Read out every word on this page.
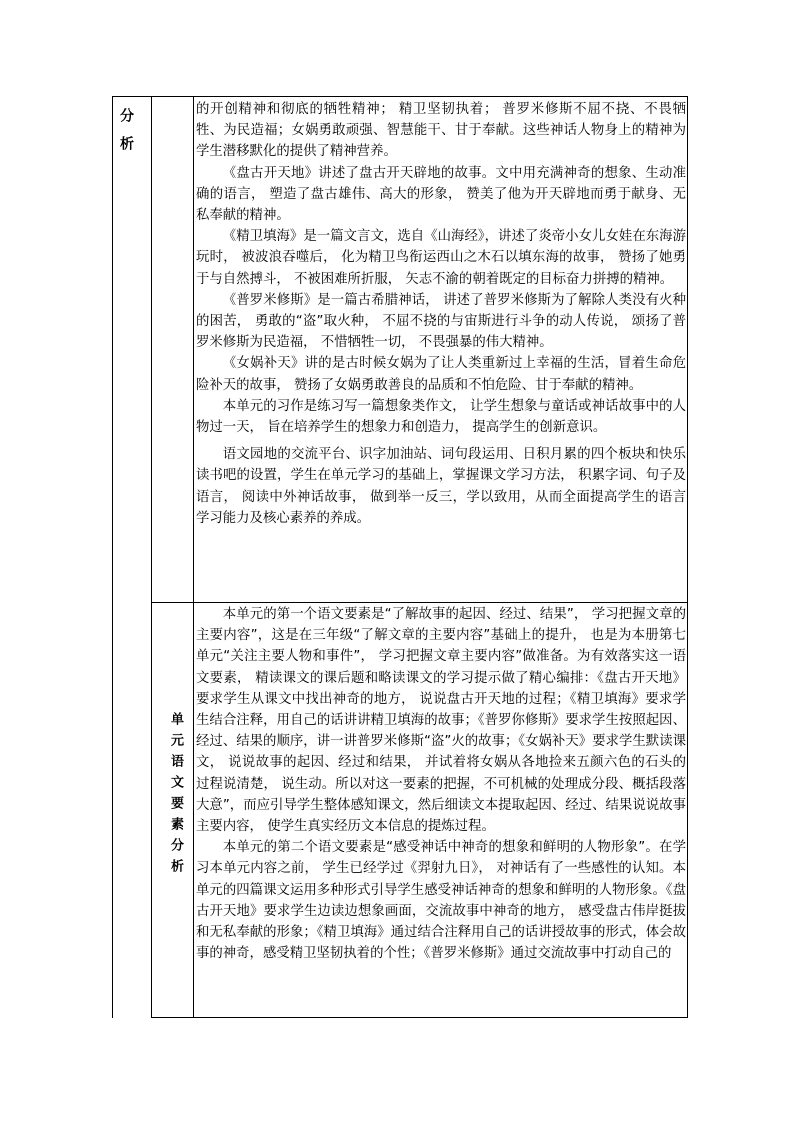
分析
单元语文要素分析

的开创精神和彻底的牺牲精神； 精卫坚韧执着； 普罗米修斯不屈不挠、不畏牺牲、为民造福；女娲勇敢顽强、智慧能干、甘于奉献。这些神话人物身上的精神为学生潜移默化的提供了精神营养。

《盘古开天地》讲述了盘古开天辟地的故事。文中用充满神奇的想象、生动准确的语言， 塑造了盘古雄伟、高大的形象， 赞美了他为开天辟地而勇于献身、无私奉献的精神。

《精卫填海》是一篇文言文，选自《山海经》，讲述了炎帝小女儿女娃在东海游玩时， 被波浪吞噬后， 化为精卫鸟衔运西山之木石以填东海的故事， 赞扬了她勇于与自然搏斗， 不被困难所折服， 矢志不渝的朝着既定的目标奋力拼搏的精神。

《普罗米修斯》是一篇古希腊神话， 讲述了普罗米修斯为了解除人类没有火种的困苦， 勇敢的“盗”取火种， 不屈不挠的与宙斯进行斗争的动人传说， 颂扬了普罗米修斯为民造福， 不惜牺牲一切， 不畏强暴的伟大精神。

《女娲补天》讲的是古时候女娲为了让人类重新过上幸福的生活，冒着生命危险补天的故事， 赞扬了女娲勇敢善良的品质和不怕危险、甘于奉献的精神。

本单元的习作是练习写一篇想象类作文， 让学生想象与童话或神话故事中的人物过一天， 旨在培养学生的想象力和创造力， 提高学生的创新意识。

语文园地的交流平台、识字加油站、词句段运用、日积月累的四个板块和快乐读书吧的设置，学生在单元学习的基础上，掌握课文学习方法， 积累字词、句子及语言， 阅读中外神话故事， 做到举一反三，学以致用，从而全面提高学生的语言学习能力及核心素养的养成。

本单元的第一个语文要素是“了解故事的起因、经过、结果”， 学习把握文章的主要内容”，这是在三年级“了解文章的主要内容”基础上的提升， 也是为本册第七单元“关注主要人物和事件”， 学习把握文章主要内容”做准备。为有效落实这一语文要素， 精读课文的课后题和略读课文的学习提示做了精心编排：《盘古开天地》要求学生从课文中找出神奇的地方， 说说盘古开天地的过程；《精卫填海》要求学生结合注释，用自己的话讲讲精卫填海的故事；《普罗你修斯》要求学生按照起因、经过、结果的顺序，讲一讲普罗米修斯“盗”火的故事；《女娲补天》要求学生默读课文， 说说故事的起因、经过和结果， 并试着将女娲从各地捡来五颜六色的石头的过程说清楚， 说生动。所以对这一要素的把握，不可机械的处理成分段、概括段落大意”，而应引导学生整体感知课文，然后细读文本提取起因、经过、结果说说故事主要内容， 使学生真实经历文本信息的提炼过程。

本单元的第二个语文要素是“感受神话中神奇的想象和鲜明的人物形象”。在学习本单元内容之前， 学生已经学过《羿射九日》， 对神话有了一些感性的认知。本单元的四篇课文运用多种形式引导学生感受神话神奇的想象和鲜明的人物形象。《盘古开天地》要求学生边读边想象画面，交流故事中神奇的地方， 感受盘古伟岸挺拔和无私奉献的形象；《精卫填海》通过结合注释用自己的话讲授故事的形式，体会故事的神奇，感受精卫坚韧执着的个性；《普罗米修斯》通过交流故事中打动自己的
